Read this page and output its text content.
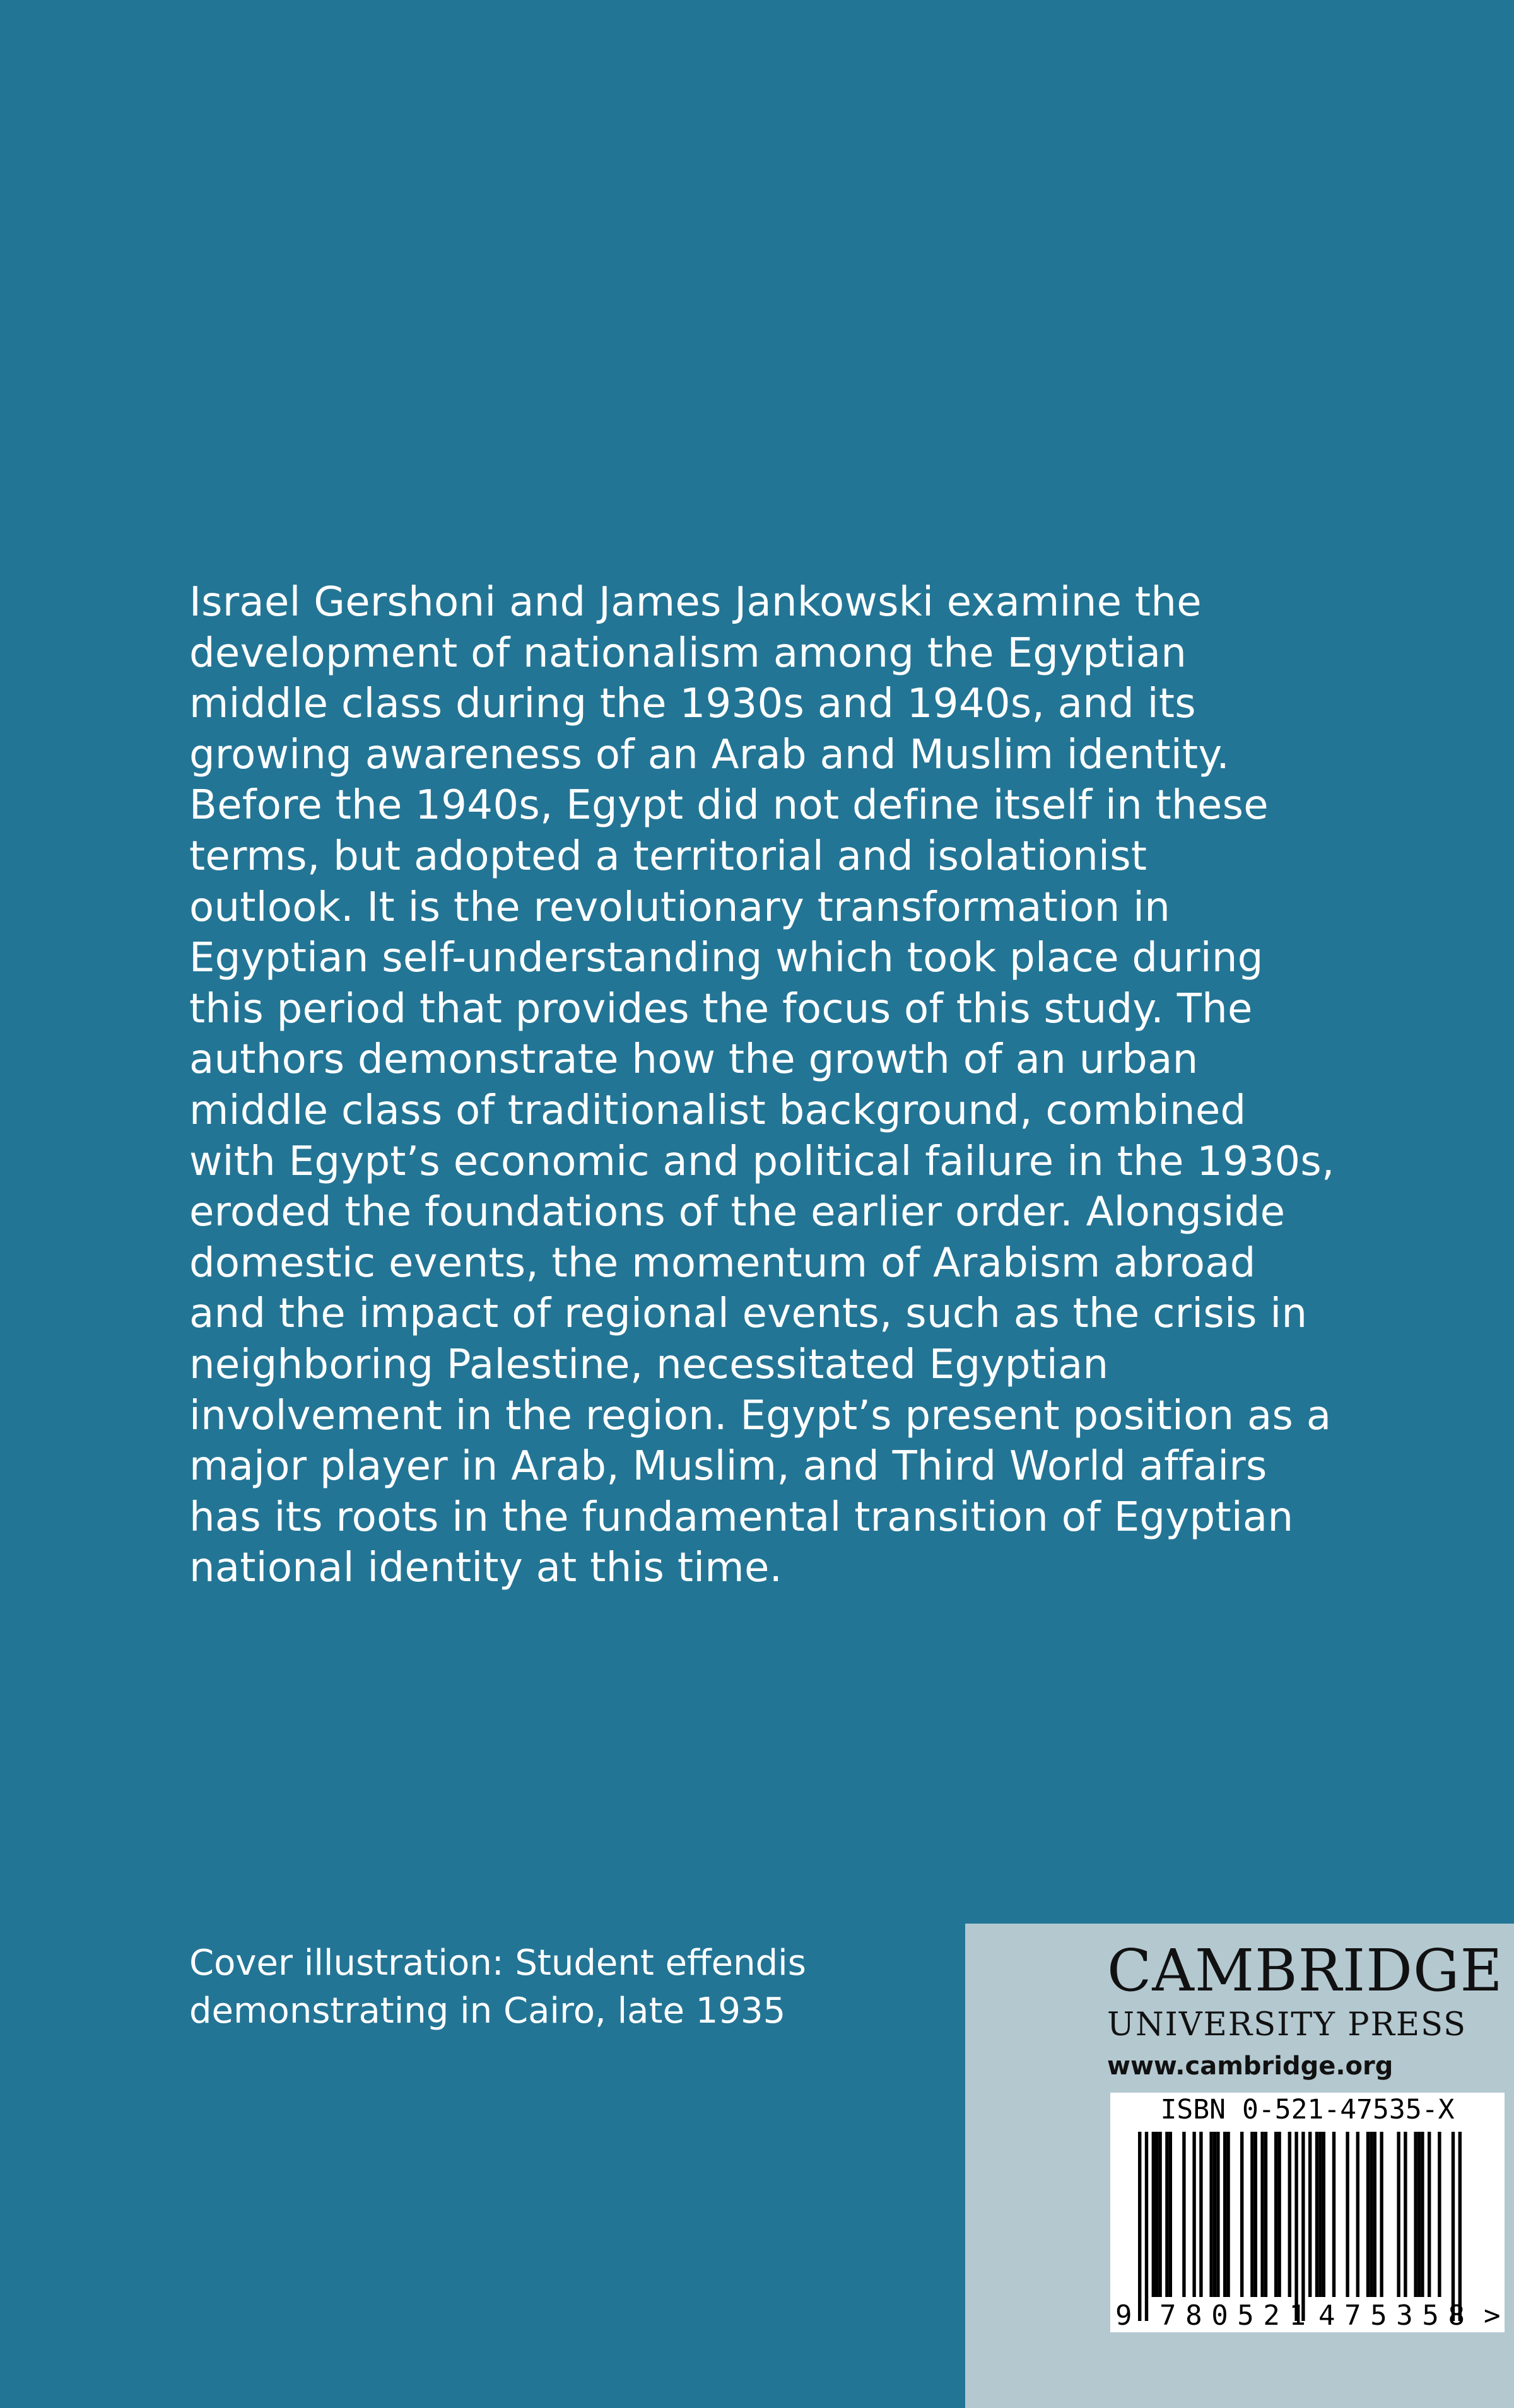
Israel Gershoni and James Jankowski examine the
development of nationalism among the Egyptian
middle class during the 1930s and 1940s, and its
growing awareness of an Arab and Muslim identity.
Before the 1940s, Egypt did not define itself in these
terms, but adopted a territorial and isolationist
outlook. It is the revolutionary transformation in
Egyptian self-understanding which took place during
this period that provides the focus of this study. The
authors demonstrate how the growth of an urban
middle class of traditionalist background, combined
with Egypt’s economic and political failure in the 1930s,
eroded the foundations of the earlier order. Alongside
domestic events, the momentum of Arabism abroad
and the impact of regional events, such as the crisis in
neighboring Palestine, necessitated Egyptian
involvement in the region. Egypt’s present position as a
major player in Arab, Muslim, and Third World affairs
has its roots in the fundamental transition of Egyptian
national identity at this time.

Cover illustration: Student effendis
demonstrating in Cairo, late 1935

CAMBRIDGE
UNIVERSITY PRESS
www.cambridge.org
ISBN 0-521-47535-X
9 780521 475358 >
